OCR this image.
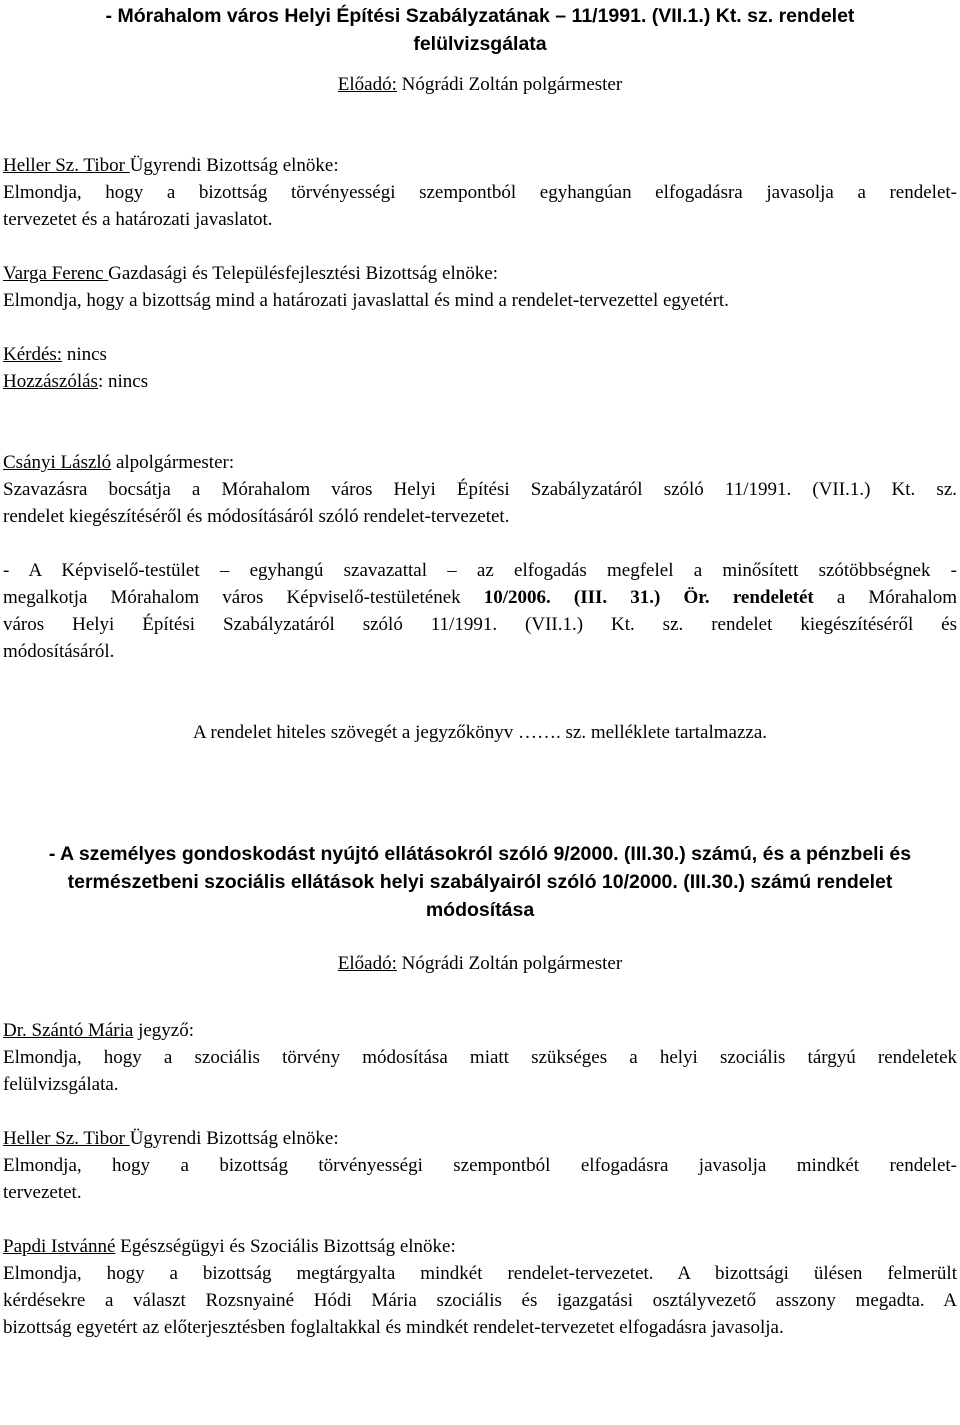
- Mórahalom város Helyi Építési Szabályzatának – 11/1991. (VII.1.) Kt. sz. rendelet
felülvizsgálata

Előadó: Nógrádi Zoltán polgármester

Heller Sz. Tibor Ügyrendi Bizottság elnöke:

Elmondja, hogy a bizottság törvényességi szempontból egyhangúan elfogadásra javasolja a rendelet-

tervezetet és a határozati javaslatot.

Varga Ferenc Gazdasági és Településfejlesztési Bizottság elnöke:

Elmondja, hogy a bizottság mind a határozati javaslattal és mind a rendelet-tervezettel egyetért.

Kérdés: nincs

Hozzászólás: nincs

Csányi László alpolgármester:

Szavazásra bocsátja a Mórahalom város Helyi Építési Szabályzatáról szóló 11/1991. (VII.1.) Kt. sz.

rendelet kiegészítéséről és módosításáról szóló rendelet-tervezetet.

- A Képviselő-testület – egyhangú szavazattal – az elfogadás megfelel a minősített szótöbbségnek -

megalkotja Mórahalom város Képviselő-testületének 10/2006. (III. 31.) Ör. rendeletét a Mórahalom

város Helyi Építési Szabályzatáról szóló 11/1991. (VII.1.) Kt. sz. rendelet kiegészítéséről és

módosításáról.

A rendelet hiteles szövegét a jegyzőkönyv ……. sz. melléklete tartalmazza.

- A személyes gondoskodást nyújtó ellátásokról szóló 9/2000. (III.30.) számú, és a pénzbeli és
természetbeni szociális ellátások helyi szabályairól szóló 10/2000. (III.30.) számú rendelet
módosítása

Előadó: Nógrádi Zoltán polgármester

Dr. Szántó Mária jegyző:

Elmondja, hogy a szociális törvény módosítása miatt szükséges a helyi szociális tárgyú rendeletek

felülvizsgálata.

Heller Sz. Tibor Ügyrendi Bizottság elnöke:

Elmondja, hogy a bizottság törvényességi szempontból elfogadásra javasolja mindkét rendelet-

tervezetet.

Papdi Istvánné Egészségügyi és Szociális Bizottság elnöke:

Elmondja, hogy a bizottság megtárgyalta mindkét rendelet-tervezetet. A bizottsági ülésen felmerült

kérdésekre a választ Rozsnyainé Hódi Mária szociális és igazgatási osztályvezető asszony megadta. A

bizottság egyetért az előterjesztésben foglaltakkal és mindkét rendelet-tervezetet elfogadásra javasolja.
